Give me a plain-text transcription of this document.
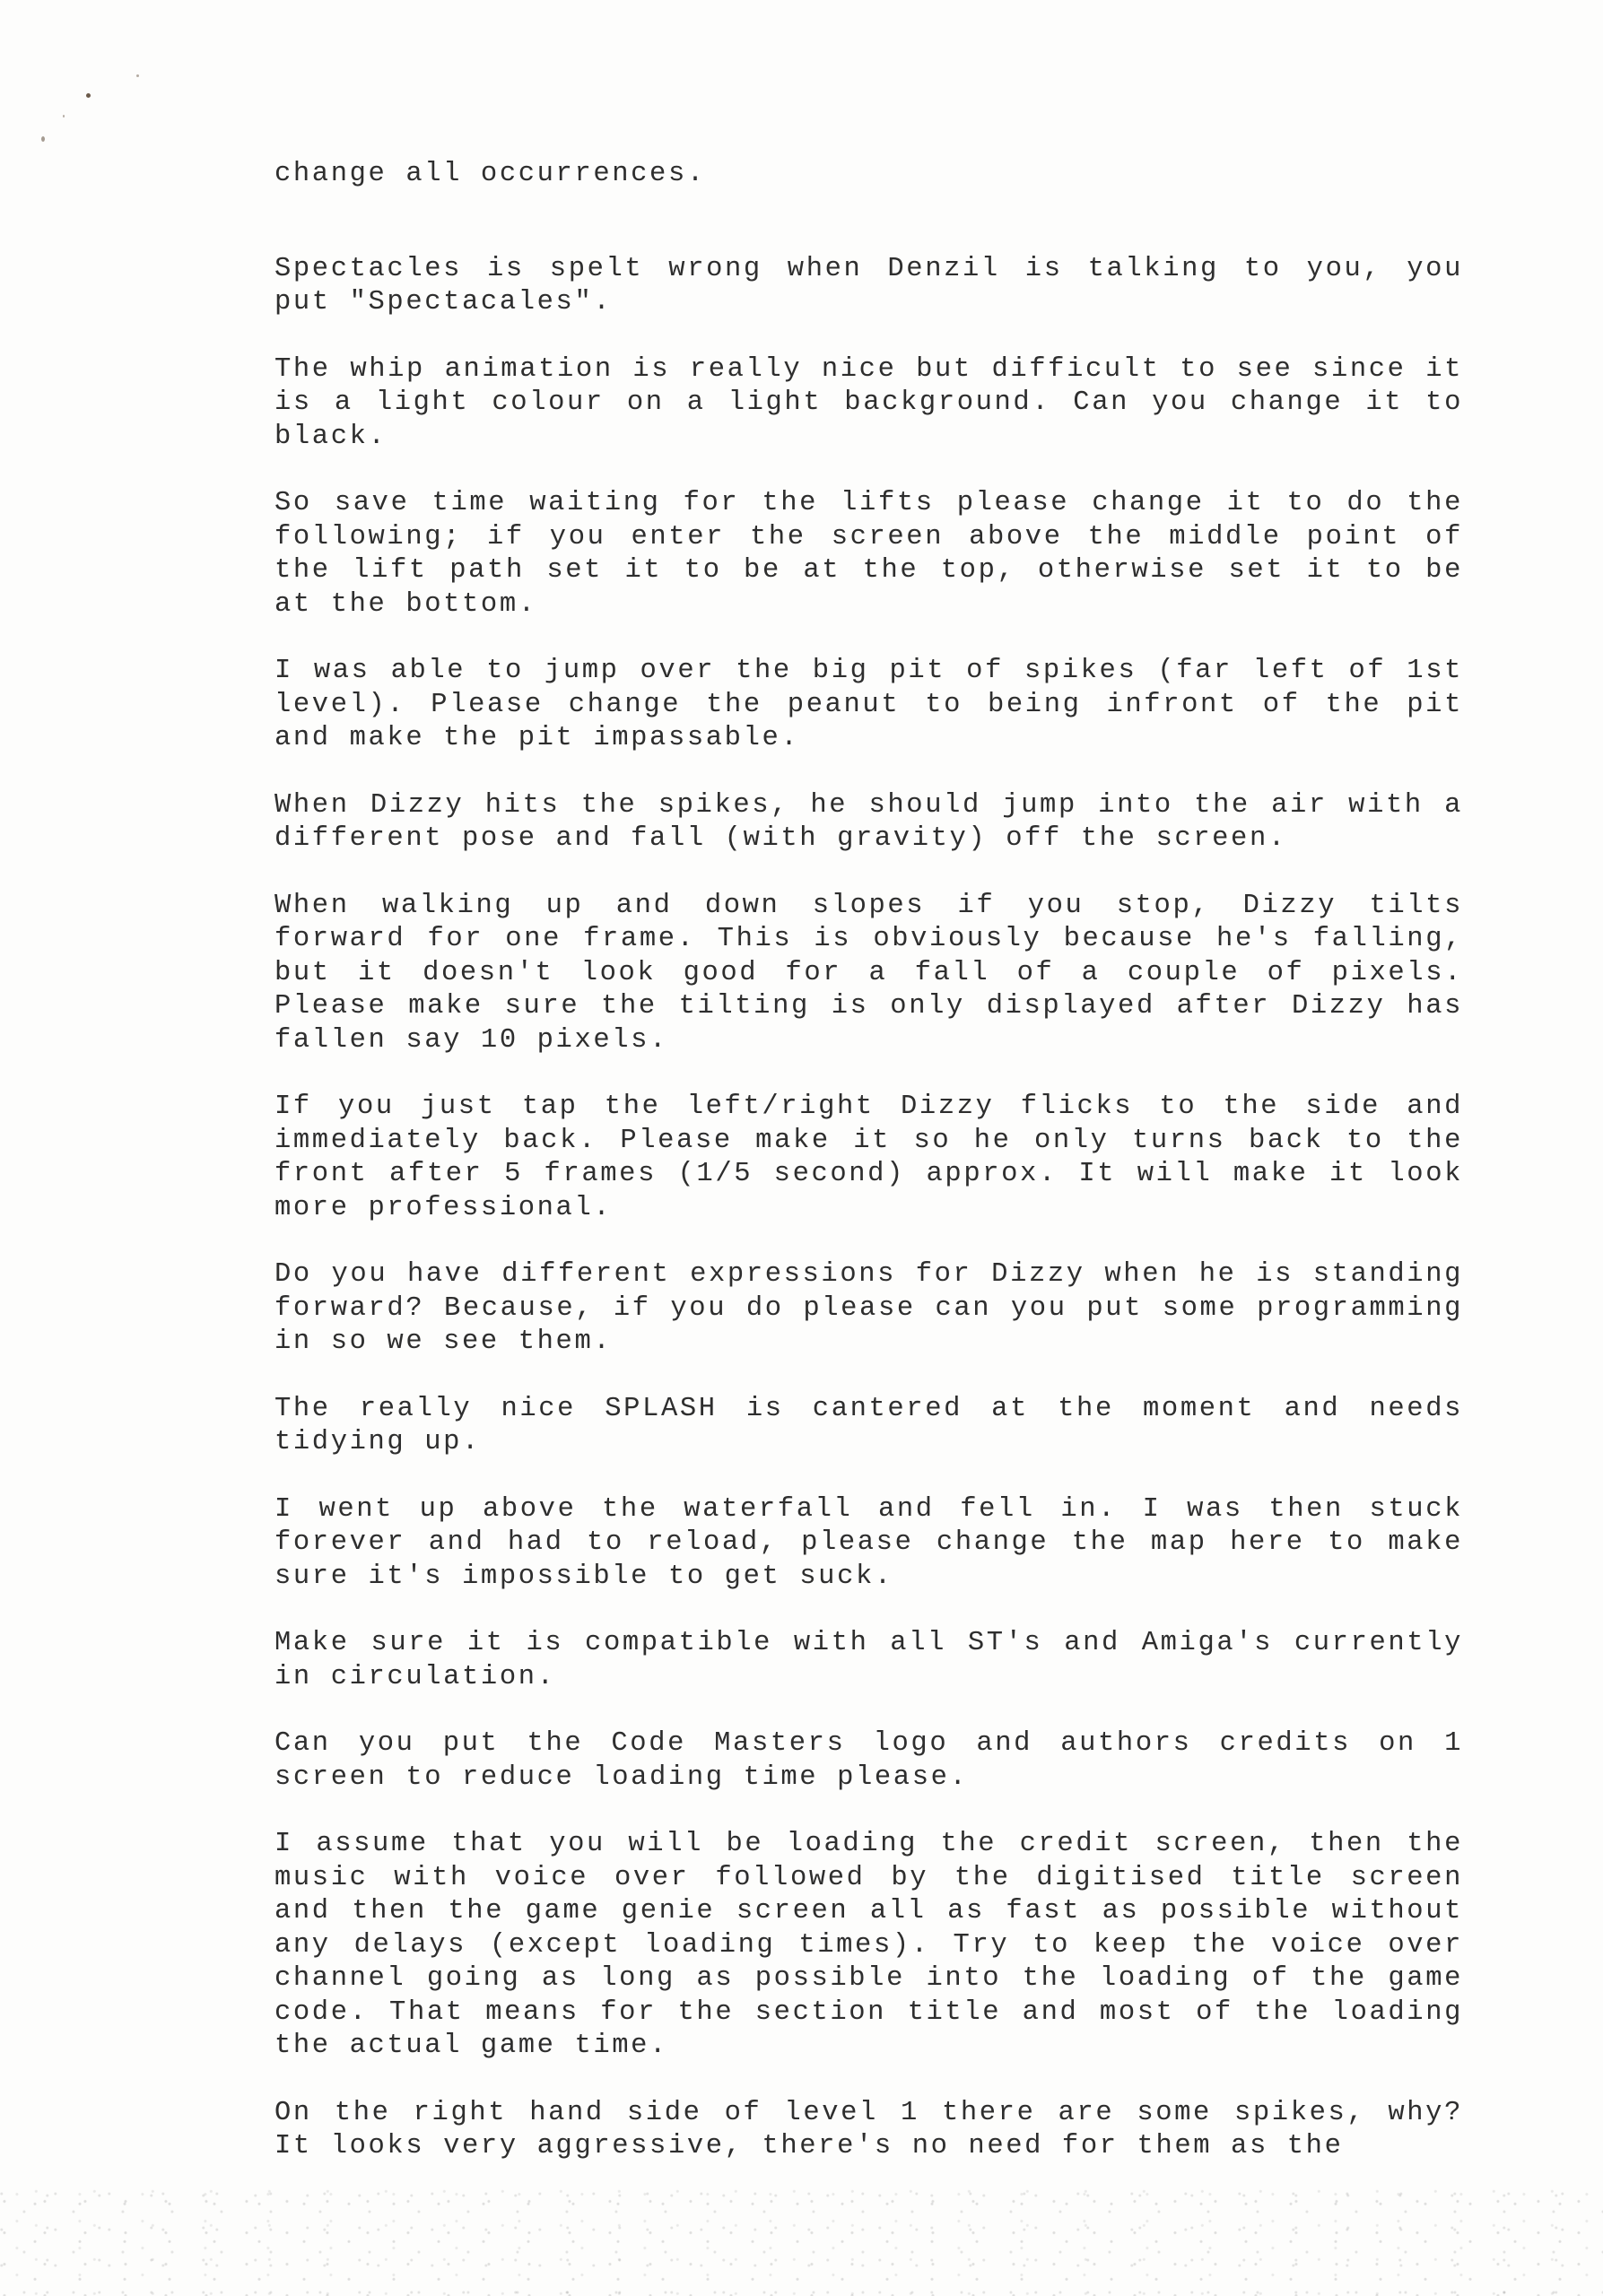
change all occurrences.

Spectacles is spelt wrong when Denzil is talking to you, you put "Spectacales".

The whip animation is really nice but difficult to see since it is a light colour on a light background. Can you change it to black.

So save time waiting for the lifts please change it to do the following; if you enter the screen above the middle point of the lift path set it to be at the top, otherwise set it to be at the bottom.

I was able to jump over the big pit of spikes (far left of 1st level). Please change the peanut to being infront of the pit and make the pit impassable.

When Dizzy hits the spikes, he should jump into the air with a different pose and fall (with gravity) off the screen.

When walking up and down slopes if you stop, Dizzy tilts forward for one frame. This is obviously because he's falling, but it doesn't look good for a fall of a couple of pixels. Please make sure the tilting is only displayed after Dizzy has fallen say 10 pixels.

If you just tap the left/right Dizzy flicks to the side and immediately back. Please make it so he only turns back to the front after 5 frames (1/5 second) approx. It will make it look more professional.

Do you have different expressions for Dizzy when he is standing forward? Because, if you do please can you put some programming in so we see them.

The really nice SPLASH is cantered at the moment and needs tidying up.

I went up above the waterfall and fell in. I was then stuck forever and had to reload, please change the map here to make sure it's impossible to get suck.

Make sure it is compatible with all ST's and Amiga's currently in circulation.

Can you put the Code Masters logo and authors credits on 1 screen to reduce loading time please.

I assume that you will be loading the credit screen, then the music with voice over followed by the digitised title screen and then the game genie screen all as fast as possible without any delays (except loading times). Try to keep the voice over channel going as long as possible into the loading of the game code. That means for the section title and most of the loading the actual game time.

On the right hand side of level 1 there are some spikes, why? It looks very aggressive, there's no need for them as the
